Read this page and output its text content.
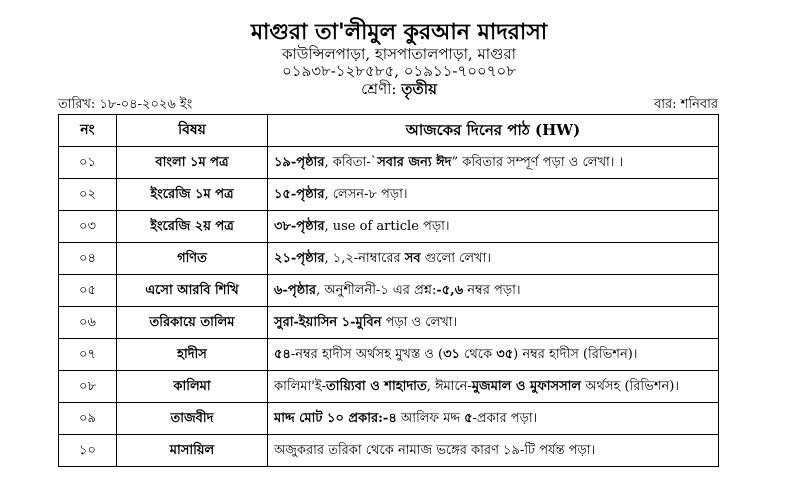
মাগুরা তা'লীমুল কুরআন মাদরাসা
কাউন্সিলপাড়া, হাসপাতালপাড়া, মাগুরা
০১৯৩৮-১২৮৫৮৫, ০১৯১১-৭০০৭০৮
শ্রেণী: তৃতীয়
তারিখ: ১৮-০৪-২০২৬ ইং	বার: শনিবার
নং	বিষয়	আজকের দিনের পাঠ (HW)
০১	বাংলা ১ম পত্র	১৯-পৃষ্ঠার, কবিতা-`সবার জন্য ঈদ” কবিতার সম্পূর্ণ পড়া ও লেখা। ।
০২	ইংরেজি ১ম পত্র	১৫-পৃষ্ঠার, লেসন-৮ পড়া।
০৩	ইংরেজি ২য় পত্র	৩৮-পৃষ্ঠার, use of article পড়া।
০৪	গণিত	২১-পৃষ্ঠার, ১,২-নাম্বারের সব গুলো লেখা।
০৫	এসো আরবি শিখি	৬-পৃষ্ঠার, অনুশীলনী-১ এর প্রশ্ন:-৫,৬ নম্বর পড়া।
০৬	তরিকায়ে তালিম	সুরা-ইয়াসিন ১-মুবিন পড়া ও লেখা।
০৭	হাদীস	৫৪-নম্বর হাদীস অর্থসহ মুখস্ত ও (৩১ থেকে ৩৫) নম্বর হাদীস (রিভিশন)।
০৮	কালিমা	কালিমা'ই-তায়্যিবা ও শাহাদাত, ঈমানে-মুজমাল ও মুফাসসাল অর্থসহ (রিভিশন)।
০৯	তাজবীদ	মাদ্দ মোট ১০ প্রকার:-৪ আলিফ মদ্দ ৫-প্রকার পড়া।
১০	মাসায়িল	অজুকরার তরিকা থেকে নামাজ ভঙ্গের কারণ ১৯-টি পর্যন্ত পড়া।
